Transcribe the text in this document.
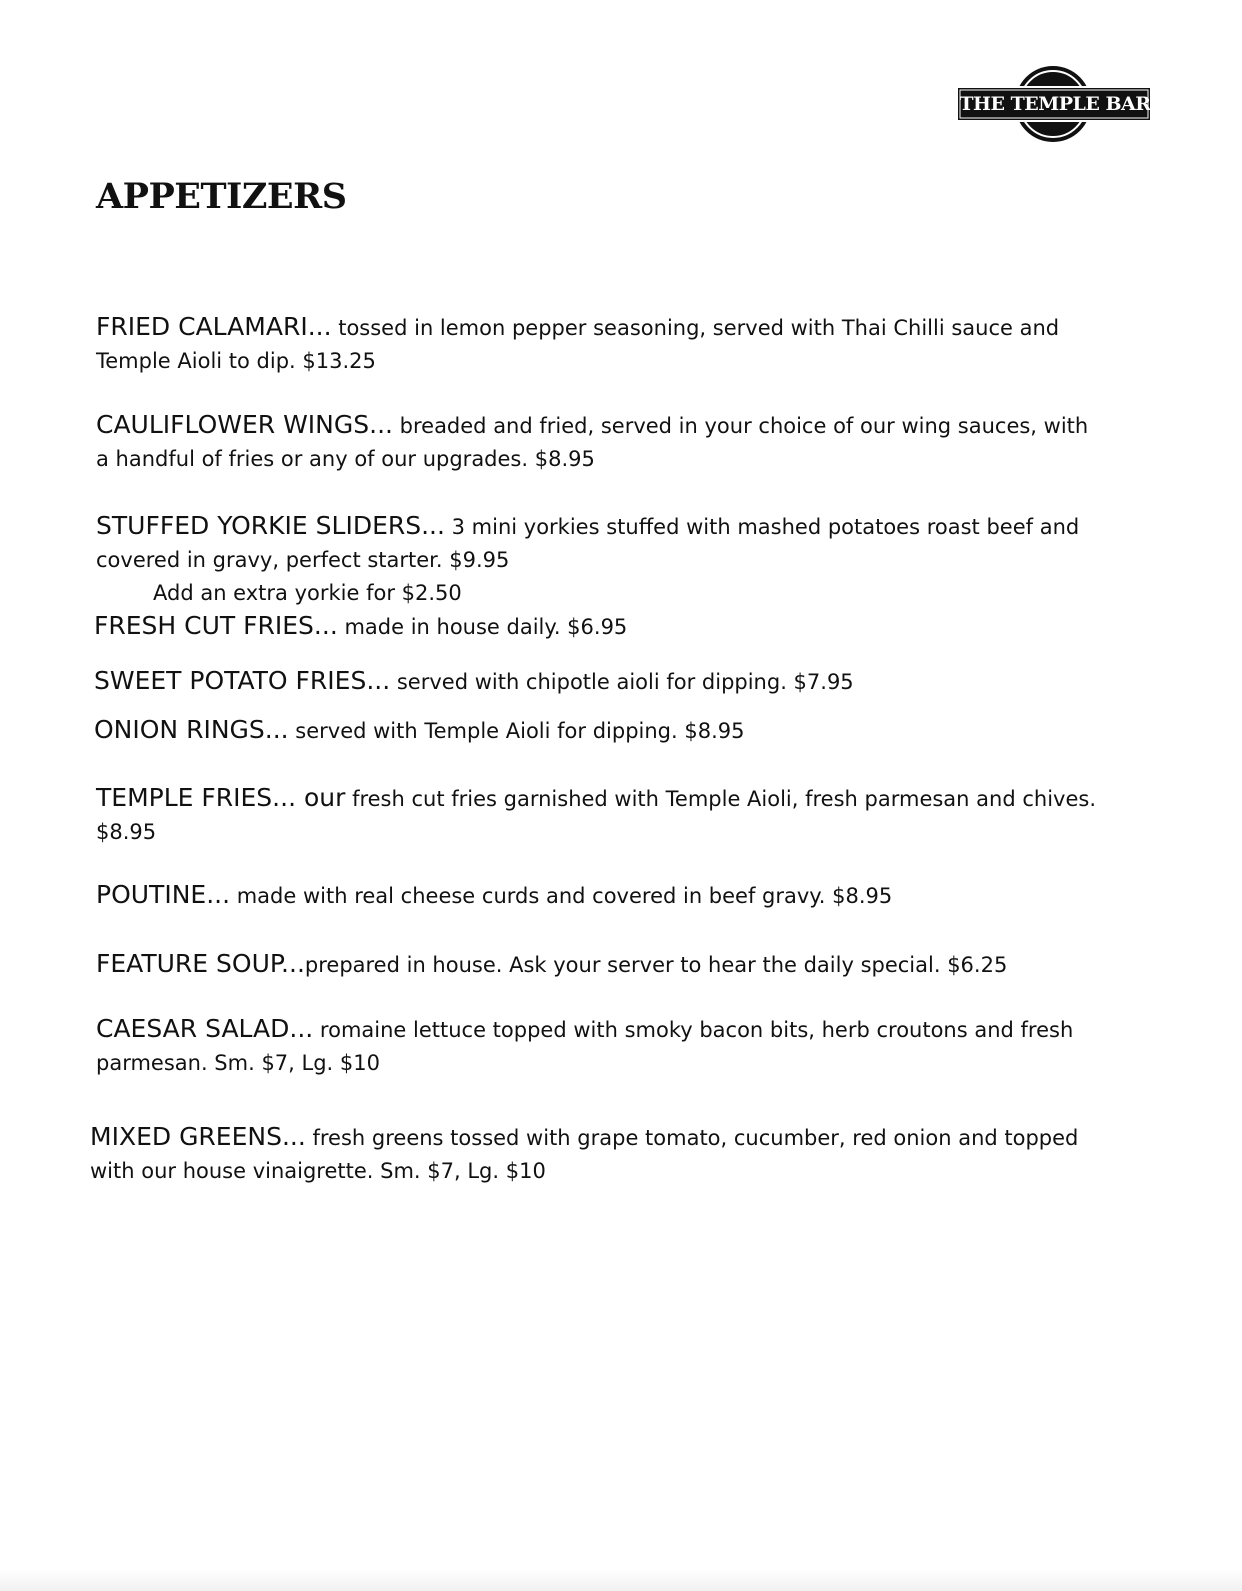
THE TEMPLE BAR
APPETIZERS
FRIED CALAMARI... tossed in lemon pepper seasoning, served with Thai Chilli sauce and Temple Aioli to dip. $13.25
CAULIFLOWER WINGS... breaded and fried, served in your choice of our wing sauces, with a handful of fries or any of our upgrades. $8.95
STUFFED YORKIE SLIDERS... 3 mini yorkies stuffed with mashed potatoes roast beef and covered in gravy, perfect starter. $9.95
Add an extra yorkie for $2.50
FRESH CUT FRIES... made in house daily. $6.95
SWEET POTATO FRIES... served with chipotle aioli for dipping. $7.95
ONION RINGS... served with Temple Aioli for dipping. $8.95
TEMPLE FRIES... our fresh cut fries garnished with Temple Aioli, fresh parmesan and chives. $8.95
POUTINE... made with real cheese curds and covered in beef gravy. $8.95
FEATURE SOUP...prepared in house. Ask your server to hear the daily special. $6.25
CAESAR SALAD... romaine lettuce topped with smoky bacon bits, herb croutons and fresh parmesan. Sm. $7, Lg. $10
MIXED GREENS... fresh greens tossed with grape tomato, cucumber, red onion and topped with our house vinaigrette. Sm. $7, Lg. $10
